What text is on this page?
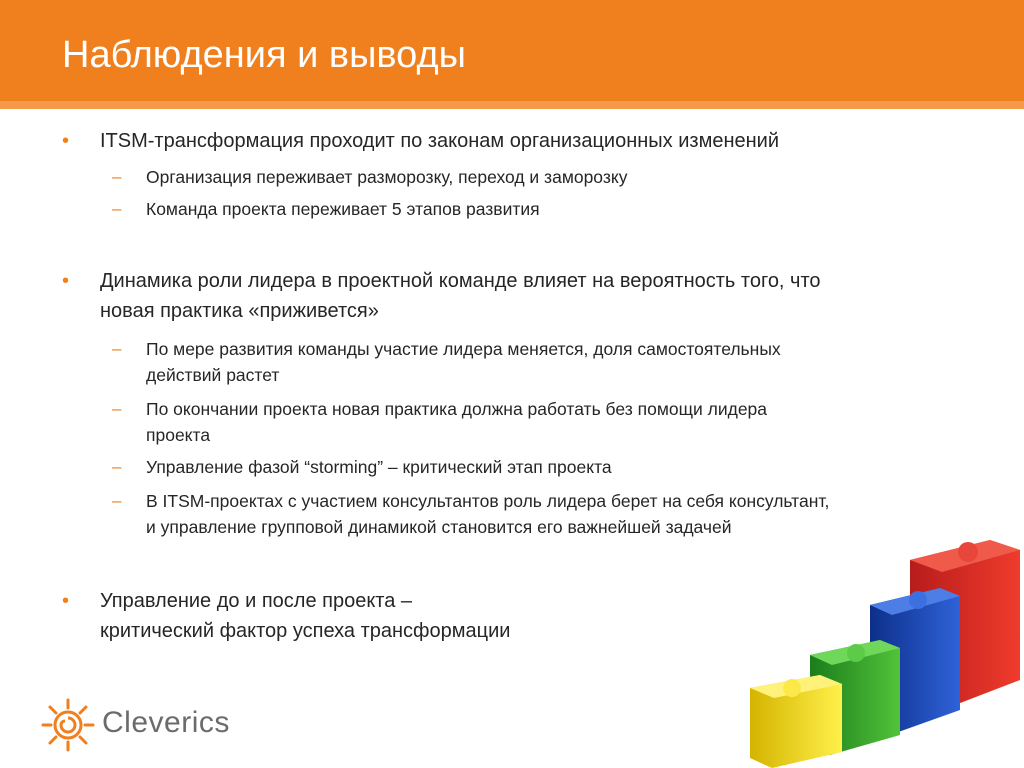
Наблюдения и выводы
• ITSM-трансформация проходит по законам организационных изменений
– Организация переживает разморозку, переход и заморозку
– Команда проекта переживает 5 этапов развития
• Динамика роли лидера в проектной команде влияет на вероятность того, что
новая практика «приживется»
– По мере развития команды участие лидера меняется, доля самостоятельных
действий растет
– По окончании проекта новая практика должна работать без помощи лидера
проекта
– Управление фазой “storming” – критический этап проекта
– В ITSM-проектах с участием консультантов роль лидера берет на себя консультант,
и управление групповой динамикой становится его важнейшей задачей
• Управление до и после проекта –
критический фактор успеха трансформации
Cleverics
